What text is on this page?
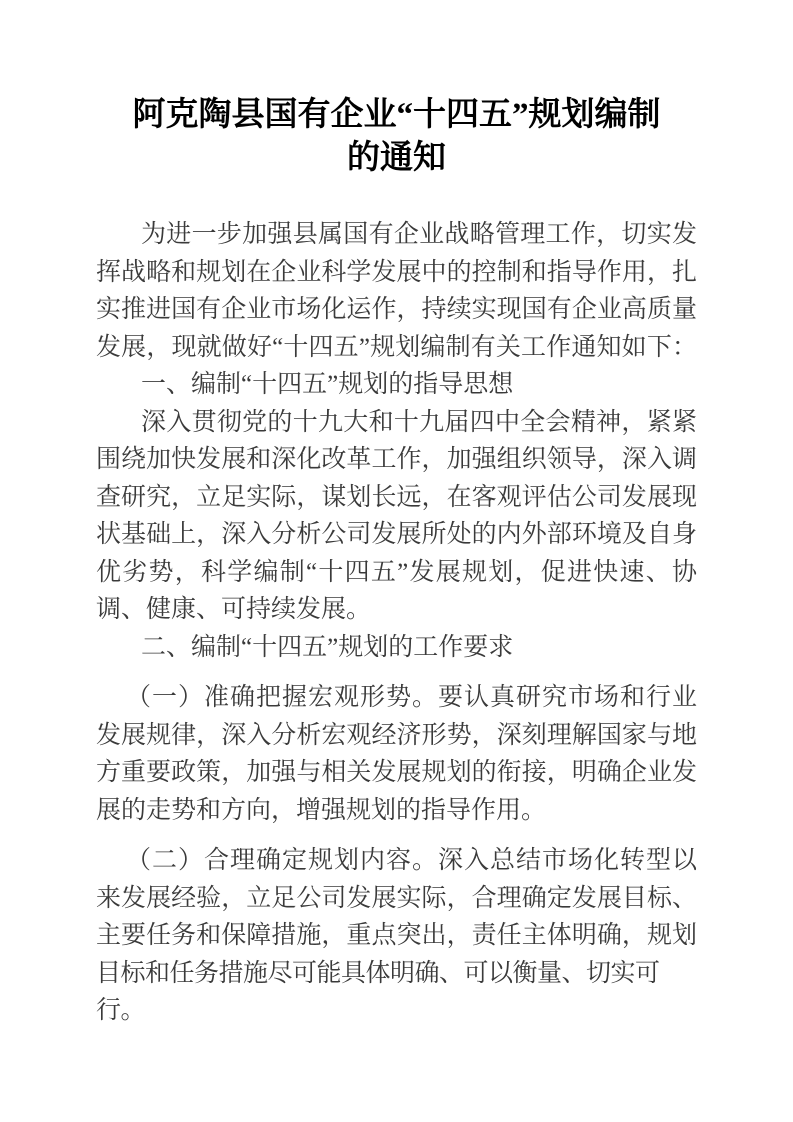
阿克陶县国有企业“十四五”规划编制
的通知

为进一步加强县属国有企业战略管理工作，切实发
挥战略和规划在企业科学发展中的控制和指导作用，扎
实推进国有企业市场化运作，持续实现国有企业高质量
发展，现就做好“十四五”规划编制有关工作通知如下：

一、编制“十四五”规划的指导思想

深入贯彻党的十九大和十九届四中全会精神，紧紧
围绕加快发展和深化改革工作，加强组织领导，深入调
查研究，立足实际，谋划长远，在客观评估公司发展现
状基础上，深入分析公司发展所处的内外部环境及自身
优劣势，科学编制“十四五”发展规划，促进快速、协
调、健康、可持续发展。

二、编制“十四五”规划的工作要求

（一）准确把握宏观形势。要认真研究市场和行业
发展规律，深入分析宏观经济形势，深刻理解国家与地
方重要政策，加强与相关发展规划的衔接，明确企业发
展的走势和方向，增强规划的指导作用。

（二）合理确定规划内容。深入总结市场化转型以
来发展经验，立足公司发展实际，合理确定发展目标、
主要任务和保障措施，重点突出，责任主体明确，规划
目标和任务措施尽可能具体明确、可以衡量、切实可行。
